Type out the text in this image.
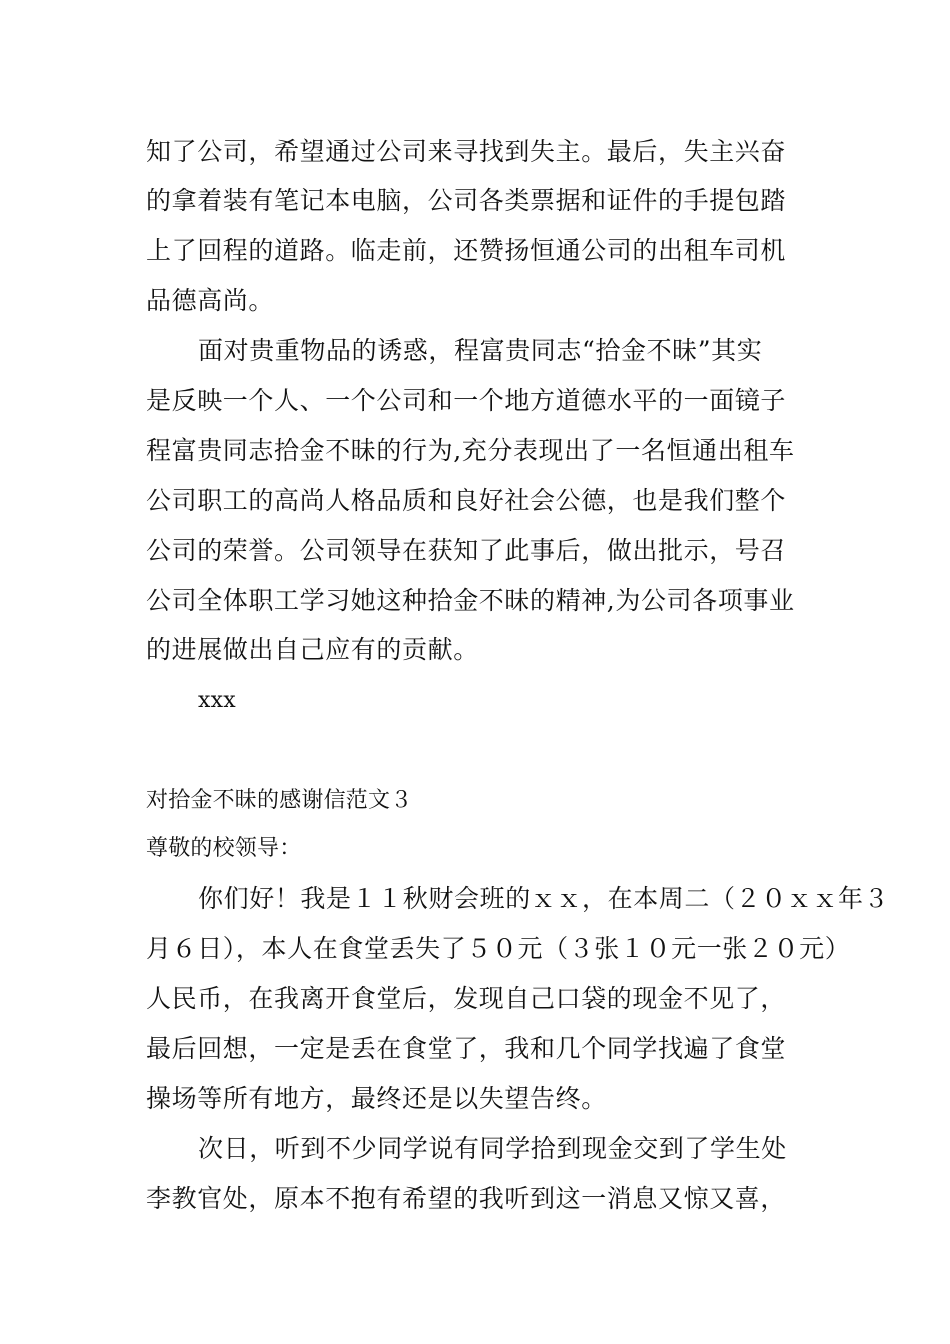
知了公司，希望通过公司来寻找到失主。最后，失主兴奋
的拿着装有笔记本电脑，公司各类票据和证件的手提包踏
上了回程的道路。临走前，还赞扬恒通公司的出租车司机
品德高尚。
面对贵重物品的诱惑，程富贵同志“拾金不昧”其实
是反映一个人、一个公司和一个地方道德水平的一面镜子
程富贵同志拾金不昧的行为,充分表现出了一名恒通出租车
公司职工的高尚人格品质和良好社会公德，也是我们整个
公司的荣誉。公司领导在获知了此事后，做出批示，号召
公司全体职工学习她这种拾金不昧的精神,为公司各项事业
的进展做出自己应有的贡献。
xxx
对拾金不昧的感谢信范文３
尊敬的校领导：
你们好！我是１１秋财会班的ｘｘ，在本周二（２０ｘｘ年３
月６日），本人在食堂丢失了５０元（３张１０元一张２０元）
人民币，在我离开食堂后，发现自己口袋的现金不见了，
最后回想，一定是丢在食堂了，我和几个同学找遍了食堂
操场等所有地方，最终还是以失望告终。
次日，听到不少同学说有同学拾到现金交到了学生处
李教官处，原本不抱有希望的我听到这一消息又惊又喜，
